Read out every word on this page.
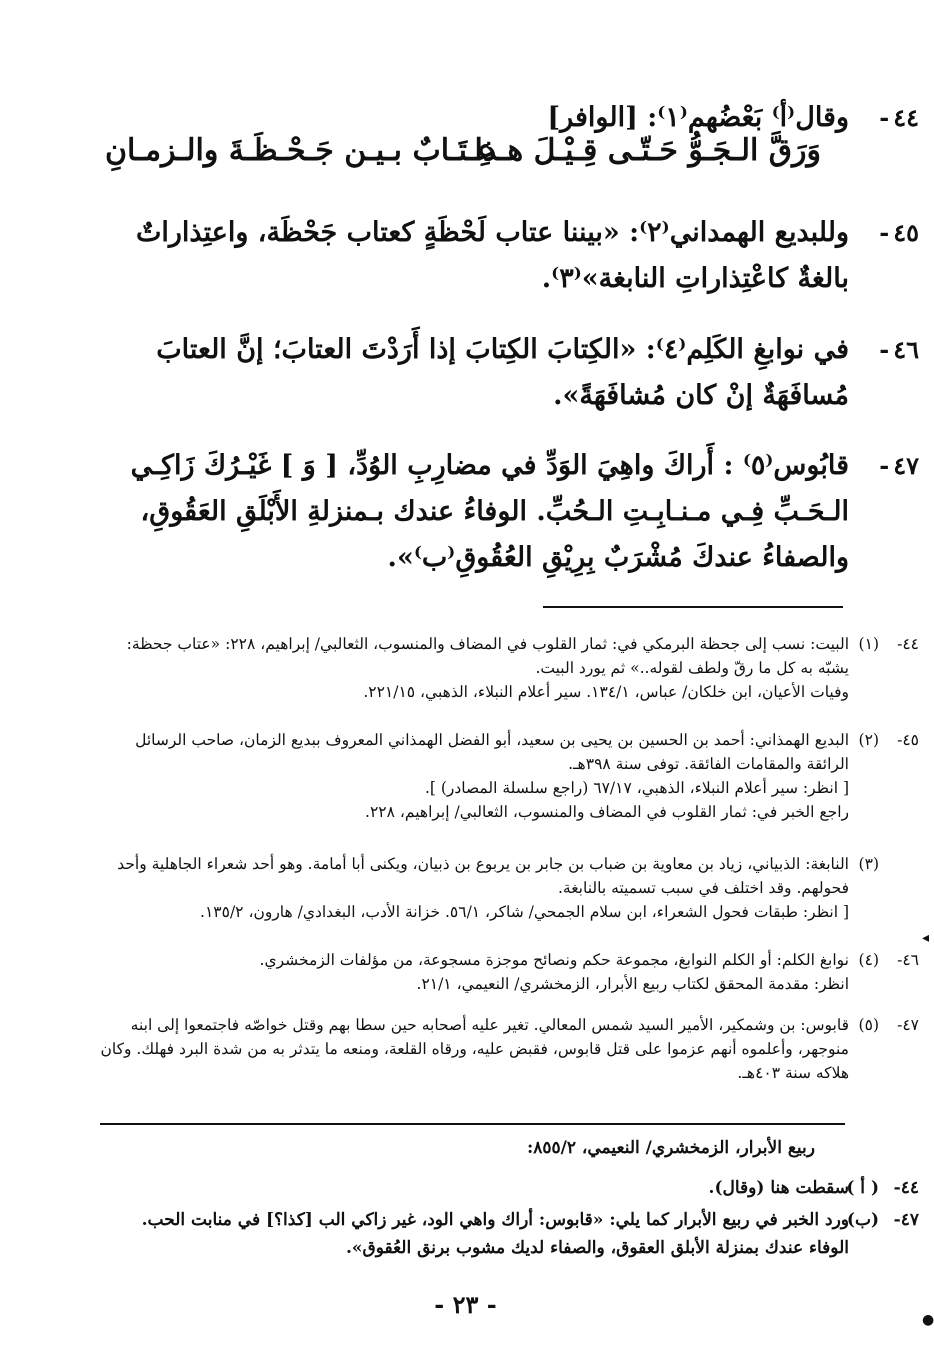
٤٤-
وقال⁽أ⁾ بَعْضُهم⁽١⁾: [الوافر]
وَرَقَّ الـجَـوُّ حَـتّـى قِـيْـلَ هـذا
عِـتَـابٌ بـيـن جَـحْـظَـةَ والـزمـانِ
٤٥-
وللبديع الهمداني⁽٢⁾: «بيننا عتاب لَحْظَةٍ كعتاب جَحْظَة، واعتِذاراتٌ بالغةٌ كاعْتِذاراتِ النابغة»⁽٣⁾.
٤٦-
في نوابغِ الكَلِم⁽٤⁾: «الكِتابَ الكِتابَ إذا أَرَدْتَ العتابَ؛ إنَّ العتابَ مُسافَهَةٌ إنْ كان مُشافَهَةً».
٤٧-
قابُوس⁽٥⁾ : أَراكَ واهِيَ الوَدِّ في مضارِبِ الوُدِّ، [ وَ ] غَيْـرُكَ زَاكِـي الـحَـبِّ فِـي مـنـابِـتِ الـحُبِّ. الوفاءُ عندك بـمنزلةِ الأَبْلَقِ العَقُوقِ، والصفاءُ عندكَ مُشْرَبٌ بِرِيْقِ العُقُوقِ⁽ب⁾».
٤٤-
(١)

البيت: نسب إلى جحظة البرمكي في: ثمار القلوب في المضاف والمنسوب، الثعالبي/ إبراهيم، ٢٢٨: «عتاب جحظة: يشبّه به كل ما رقّ ولطف لقوله..» ثم يورد البيت.

وفيات الأعيان، ابن خلكان/ عباس، ١٣٤/١. سير أعلام النبلاء، الذهبي، ٢٢١/١٥.

٤٥-
(٢)

البديع الهمذاني: أحمد بن الحسين بن يحيى بن سعيد، أبو الفضل الهمذاني المعروف ببديع الزمان، صاحب الرسائل الرائقة والمقامات الفائقة. توفى سنة ٣٩٨هـ.

[ انظر: سير أعلام النبلاء، الذهبي، ٦٧/١٧ (راجع سلسلة المصادر) ].

راجع الخبر في: ثمار القلوب في المضاف والمنسوب، الثعالبي/ إبراهيم، ٢٢٨.

(٣)

النابغة: الذبياني، زياد بن معاوية بن ضباب بن جابر بن يربوع بن ذبيان، ويكنى أبا أمامة. وهو أحد شعراء الجاهلية وأحد فحولهم. وقد اختلف في سبب تسميته بالنابغة.

[ انظر: طبقات فحول الشعراء، ابن سلام الجمحي/ شاكر، ٥٦/١. خزانة الأدب، البغدادي/ هارون، ١٣٥/٢.

٤٦-
(٤)

نوابغ الكلم: أو الكلم النوابغ، مجموعة حكم ونصائح موجزة مسجوعة، من مؤلفات الزمخشري.

انظر: مقدمة المحقق لكتاب ربيع الأبرار، الزمخشري/ النعيمي، ٢١/١.

٤٧-
(٥)

قابوس: بن وشمكير، الأمير السيد شمس المعالي. تغير عليه أصحابه حين سطا بهم وقتل خواصّه فاجتمعوا إلى ابنه منوجهر، وأعلموه أنهم عزموا على قتل قابوس، فقبض عليه، ورقاه القلعة، ومنعه ما يتدثر به من شدة البرد فهلك. وكان هلاكه سنة ٤٠٣هـ.

ربيع الأبرار، الزمخشري/ النعيمي، ٨٥٥/٢:
٤٤-
( أ )
سقطت هنا (وقال).
٤٧-
(ب)
ورد الخبر في ربيع الأبرار كما يلي: «قابوس: أراك واهي الود، غير زاكي الب [كذا؟] في منابت الحب. الوفاء عندك بمنزلة الأبلق العقوق، والصفاء لديك مشوب برنق العُقوق».
- ٢٣ -
◂
●
